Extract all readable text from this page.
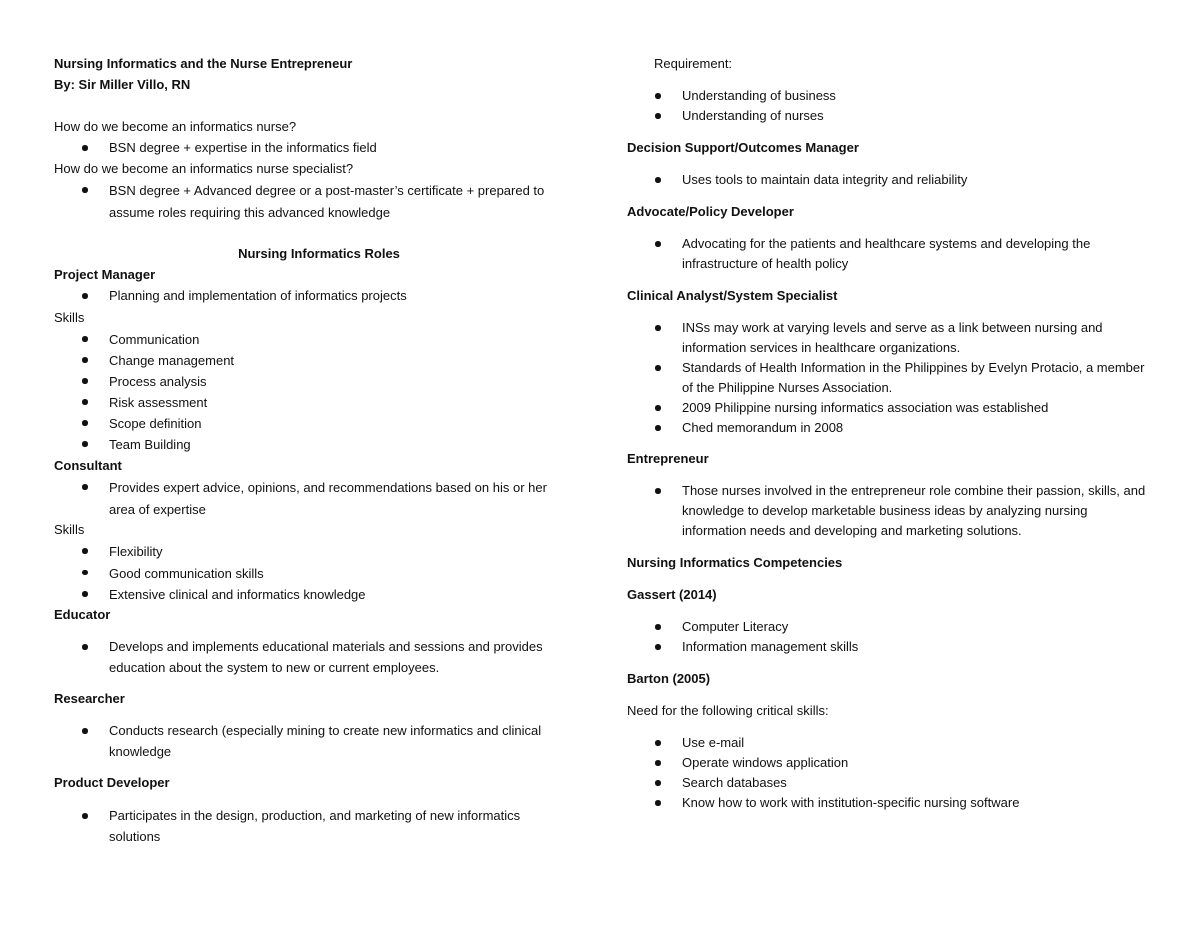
Nursing Informatics and the Nurse Entrepreneur

By: Sir Miller Villo, RN

How do we become an informatics nurse?

BSN degree + expertise in the informatics field

How do we become an informatics nurse specialist?

BSN degree + Advanced degree or a post-master’s certificate + prepared to assume roles requiring this advanced knowledge

Nursing Informatics Roles

Project Manager

Planning and implementation of informatics projects

Skills

Communication
Change management
Process analysis
Risk assessment
Scope definition
Team Building

Consultant

Provides expert advice, opinions, and recommendations based on his or her area of expertise

Skills

Flexibility
Good communication skills
Extensive clinical and informatics knowledge

Educator

Develops and implements educational materials and sessions and provides education about the system to new or current employees.

Researcher

Conducts research (especially mining to create new informatics and clinical knowledge

Product Developer

Participates in the design, production, and marketing of new informatics solutions

Requirement:

Understanding of business
Understanding of nurses

Decision Support/Outcomes Manager

Uses tools to maintain data integrity and reliability

Advocate/Policy Developer

Advocating for the patients and healthcare systems and developing the infrastructure of health policy

Clinical Analyst/System Specialist

INSs may work at varying levels and serve as a link between nursing and information services in healthcare organizations.
Standards of Health Information in the Philippines by Evelyn Protacio, a member of the Philippine Nurses Association.
2009 Philippine nursing informatics association was established
Ched memorandum in 2008

Entrepreneur

Those nurses involved in the entrepreneur role combine their passion, skills, and knowledge to develop marketable business ideas by analyzing nursing information needs and developing and marketing solutions.

Nursing Informatics Competencies

Gassert (2014)

Computer Literacy
Information management skills

Barton (2005)

Need for the following critical skills:

Use e-mail
Operate windows application
Search databases
Know how to work with institution-specific nursing software
